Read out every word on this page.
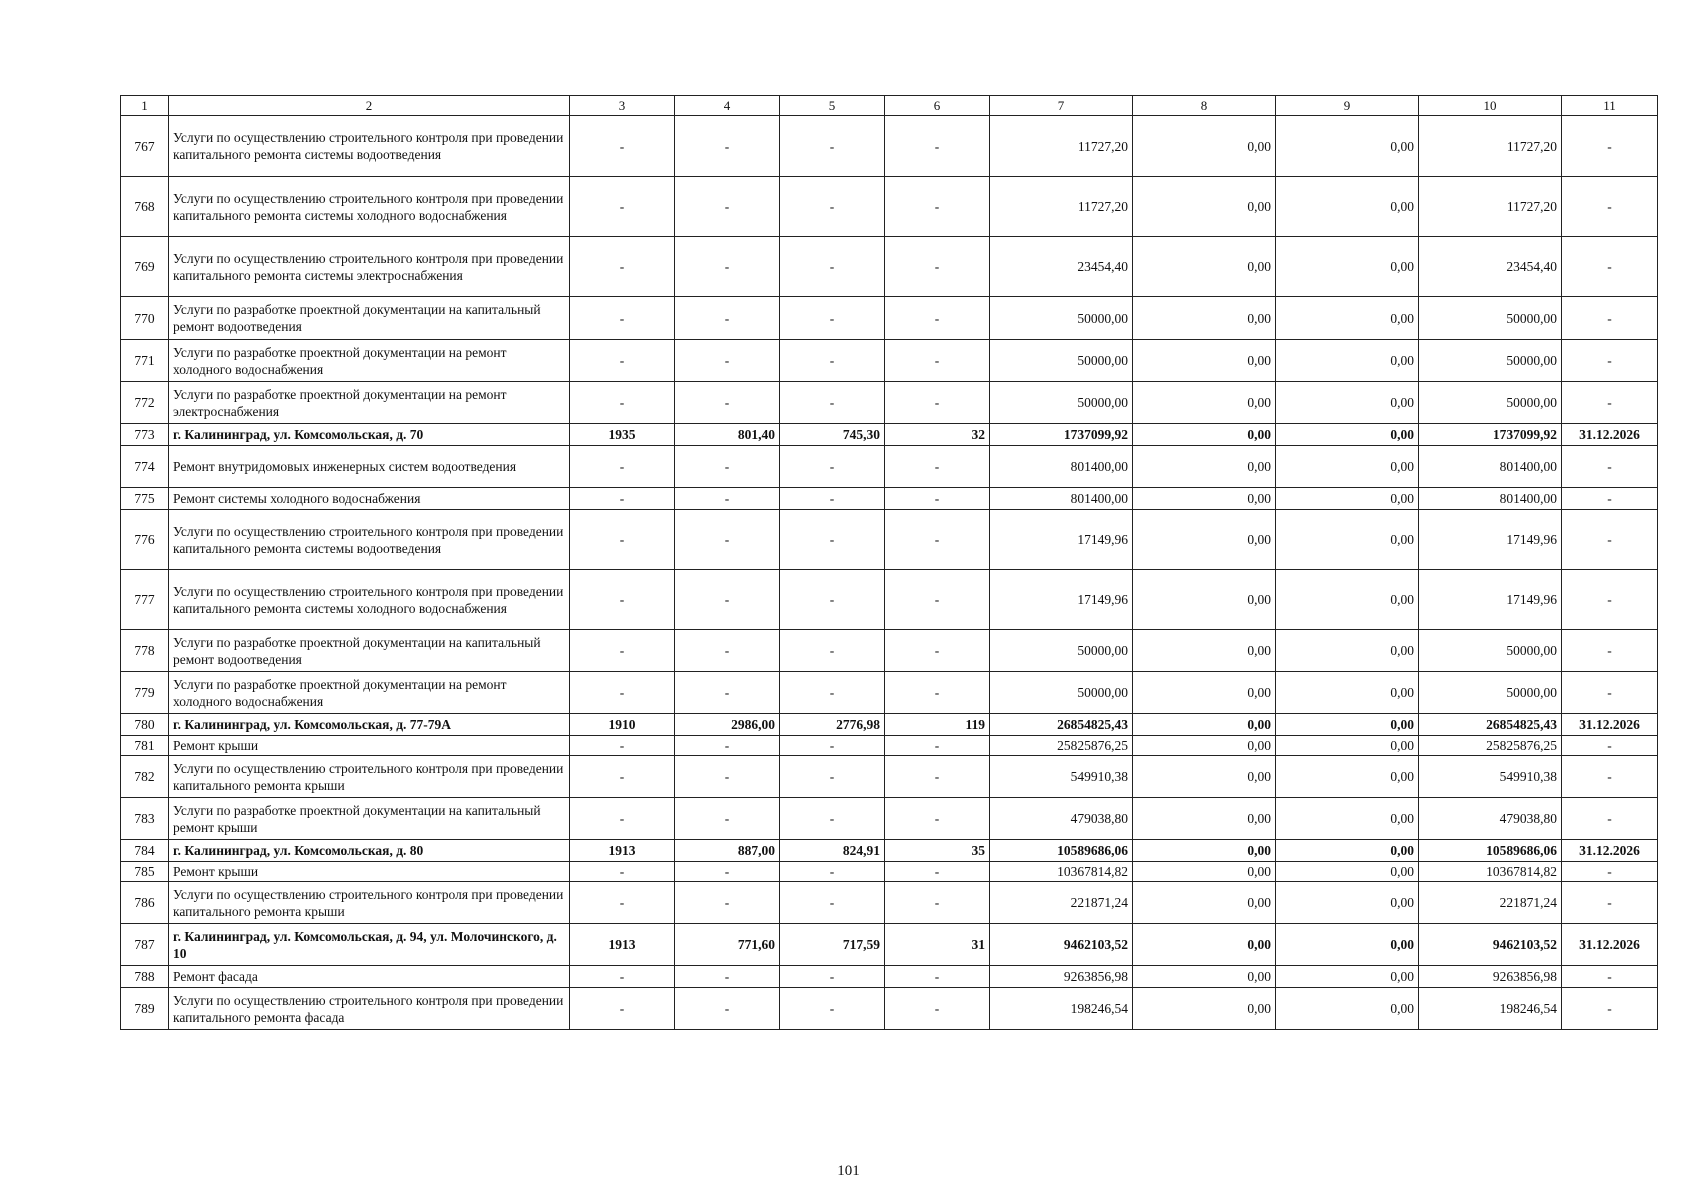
1	2	3	4	5	6	7	8	9	10	11
767	Услуги по осуществлению строительного контроля при проведении капитального ремонта системы водоотведения	-	-	-	-	11727,20	0,00	0,00	11727,20	-
768	Услуги по осуществлению строительного контроля при проведении капитального ремонта системы холодного водоснабжения	-	-	-	-	11727,20	0,00	0,00	11727,20	-
769	Услуги по осуществлению строительного контроля при проведении капитального ремонта системы электроснабжения	-	-	-	-	23454,40	0,00	0,00	23454,40	-
770	Услуги по разработке проектной документации на капитальный ремонт водоотведения	-	-	-	-	50000,00	0,00	0,00	50000,00	-
771	Услуги по разработке проектной документации на ремонт холодного водоснабжения	-	-	-	-	50000,00	0,00	0,00	50000,00	-
772	Услуги по разработке проектной документации на ремонт электроснабжения	-	-	-	-	50000,00	0,00	0,00	50000,00	-
773	г. Калининград, ул. Комсомольская, д. 70	1935	801,40	745,30	32	1737099,92	0,00	0,00	1737099,92	31.12.2026
774	Ремонт внутридомовых инженерных систем водоотведения	-	-	-	-	801400,00	0,00	0,00	801400,00	-
775	Ремонт системы холодного водоснабжения	-	-	-	-	801400,00	0,00	0,00	801400,00	-
776	Услуги по осуществлению строительного контроля при проведении капитального ремонта системы водоотведения	-	-	-	-	17149,96	0,00	0,00	17149,96	-
777	Услуги по осуществлению строительного контроля при проведении капитального ремонта системы холодного водоснабжения	-	-	-	-	17149,96	0,00	0,00	17149,96	-
778	Услуги по разработке проектной документации на капитальный ремонт водоотведения	-	-	-	-	50000,00	0,00	0,00	50000,00	-
779	Услуги по разработке проектной документации на ремонт холодного водоснабжения	-	-	-	-	50000,00	0,00	0,00	50000,00	-
780	г. Калининград, ул. Комсомольская, д. 77-79А	1910	2986,00	2776,98	119	26854825,43	0,00	0,00	26854825,43	31.12.2026
781	Ремонт крыши	-	-	-	-	25825876,25	0,00	0,00	25825876,25	-
782	Услуги по осуществлению строительного контроля при проведении капитального ремонта крыши	-	-	-	-	549910,38	0,00	0,00	549910,38	-
783	Услуги по разработке проектной документации на капитальный ремонт крыши	-	-	-	-	479038,80	0,00	0,00	479038,80	-
784	г. Калининград, ул. Комсомольская, д. 80	1913	887,00	824,91	35	10589686,06	0,00	0,00	10589686,06	31.12.2026
785	Ремонт крыши	-	-	-	-	10367814,82	0,00	0,00	10367814,82	-
786	Услуги по осуществлению строительного контроля при проведении капитального ремонта крыши	-	-	-	-	221871,24	0,00	0,00	221871,24	-
787	г. Калининград, ул. Комсомольская, д. 94, ул. Молочинского, д. 10	1913	771,60	717,59	31	9462103,52	0,00	0,00	9462103,52	31.12.2026
788	Ремонт фасада	-	-	-	-	9263856,98	0,00	0,00	9263856,98	-
789	Услуги по осуществлению строительного контроля при проведении капитального ремонта фасада	-	-	-	-	198246,54	0,00	0,00	198246,54	-
101
